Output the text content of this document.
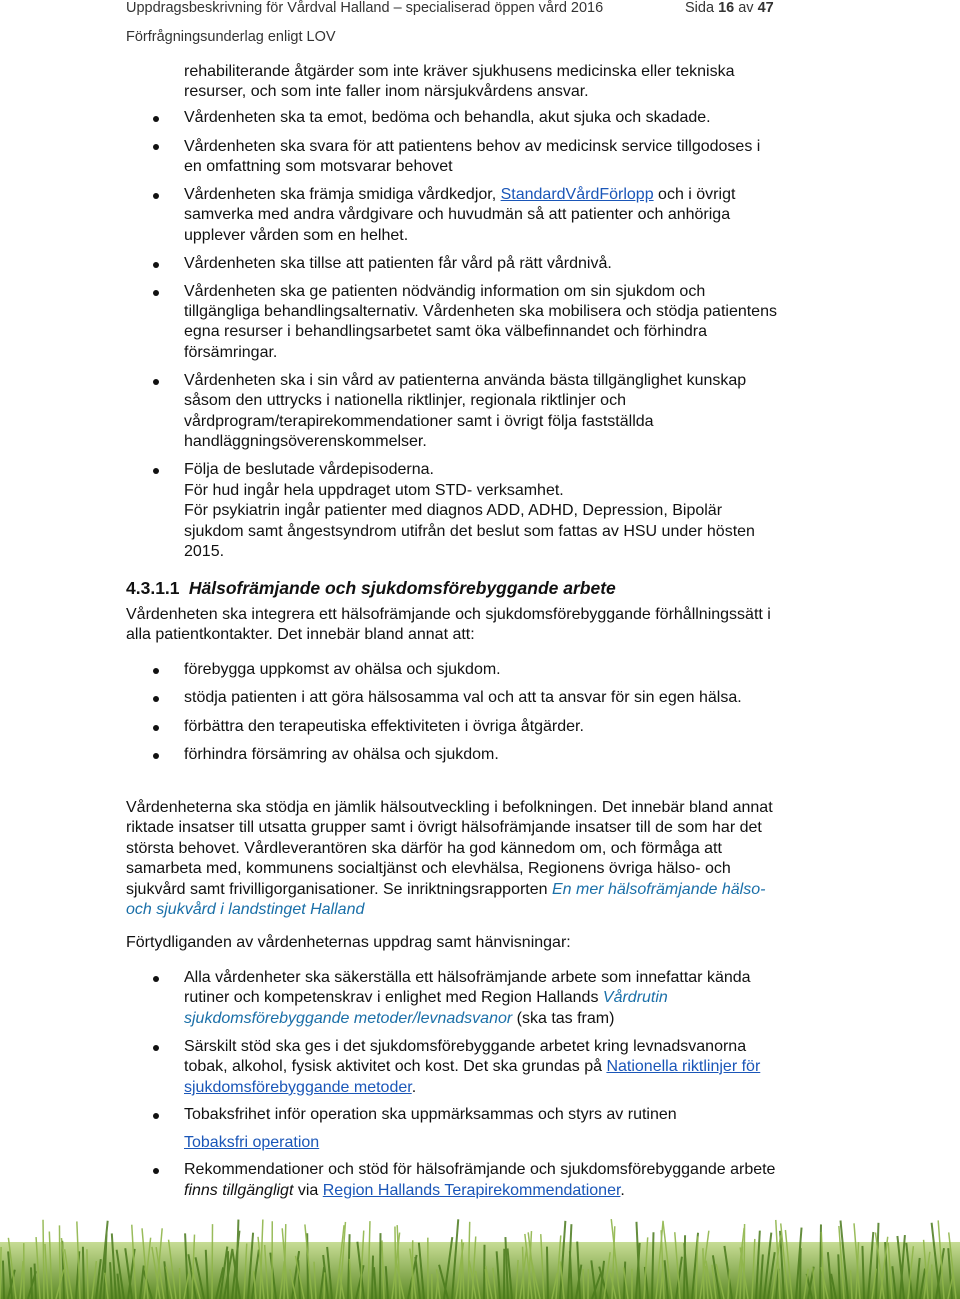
Uppdragsbeskrivning för Vårdval Halland – specialiserad öppen vård 2016	Sida 16 av 47
Förfrågningsunderlag enligt LOV
rehabiliterande åtgärder som inte kräver sjukhusens medicinska eller tekniska
resurser, och som inte faller inom närsjukvårdens ansvar.
Vårdenheten ska ta emot, bedöma och behandla, akut sjuka och skadade.
Vårdenheten ska svara för att patientens behov av medicinsk service tillgodoses i
en omfattning som motsvarar behovet
Vårdenheten ska främja smidiga vårdkedjor, StandardVårdFörlopp och i övrigt
samverka med andra vårdgivare och huvudmän så att patienter och anhöriga
upplever vården som en helhet.
Vårdenheten ska tillse att patienten får vård på rätt vårdnivå.
Vårdenheten ska ge patienten nödvändig information om sin sjukdom och
tillgängliga behandlingsalternativ. Vårdenheten ska mobilisera och stödja patientens
egna resurser i behandlingsarbetet samt öka välbefinnandet och förhindra
försämringar.
Vårdenheten ska i sin vård av patienterna använda bästa tillgänglighet kunskap
såsom den uttrycks i nationella riktlinjer, regionala riktlinjer och
vårdprogram/terapirekommendationer samt i övrigt följa fastställda
handläggningsöverenskommelser.
Följa de beslutade vårdepisoderna.
För hud ingår hela uppdraget utom STD- verksamhet.
För psykiatrin ingår patienter med diagnos ADD, ADHD, Depression, Bipolär
sjukdom samt ångestsyndrom utifrån det beslut som fattas av HSU under hösten
2015.
4.3.1.1 Hälsofrämjande och sjukdomsförebyggande arbete
Vårdenheten ska integrera ett hälsofrämjande och sjukdomsförebyggande förhållningssätt i
alla patientkontakter. Det innebär bland annat att:
förebygga uppkomst av ohälsa och sjukdom.
stödja patienten i att göra hälsosamma val och att ta ansvar för sin egen hälsa.
förbättra den terapeutiska effektiviteten i övriga åtgärder.
förhindra försämring av ohälsa och sjukdom.
Vårdenheterna ska stödja en jämlik hälsoutveckling i befolkningen. Det innebär bland annat
riktade insatser till utsatta grupper samt i övrigt hälsofrämjande insatser till de som har det
största behovet. Vårdleverantören ska därför ha god kännedom om, och förmåga att
samarbeta med, kommunens socialtjänst och elevhälsa, Regionens övriga hälso- och
sjukvård samt frivilligorganisationer. Se inriktningsrapporten En mer hälsofrämjande hälso-
och sjukvård i landstinget Halland
Förtydliganden av vårdenheternas uppdrag samt hänvisningar:
Alla vårdenheter ska säkerställa ett hälsofrämjande arbete som innefattar kända
rutiner och kompetenskrav i enlighet med Region Hallands Vårdrutin
sjukdomsförebyggande metoder/levnadsvanor (ska tas fram)
Särskilt stöd ska ges i det sjukdomsförebyggande arbetet kring levnadsvanorna
tobak, alkohol, fysisk aktivitet och kost. Det ska grundas på Nationella riktlinjer för
sjukdomsförebyggande metoder.
Tobaksfrihet inför operation ska uppmärksammas och styrs av rutinen
Tobaksfri operation
Rekommendationer och stöd för hälsofrämjande och sjukdomsförebyggande arbete
finns tillgängligt via Region Hallands Terapirekommendationer.
